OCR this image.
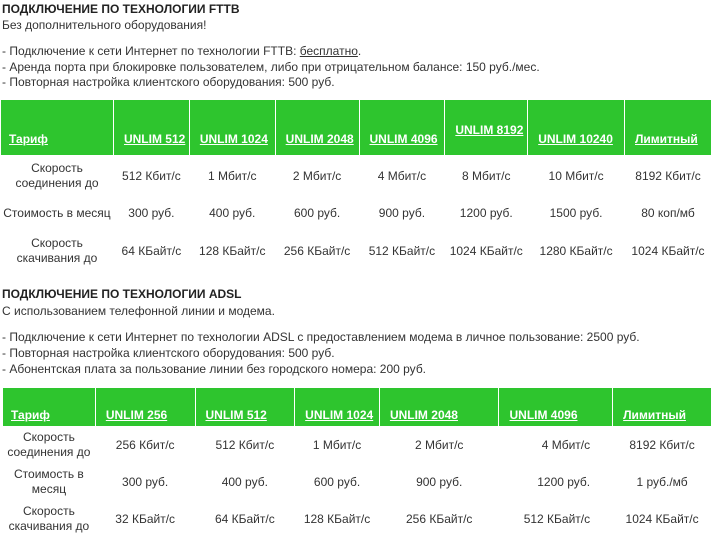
ПОДКЛЮЧЕНИЕ ПО ТЕХНОЛОГИИ FTTB
Без дополнительного оборудования!
- Подключение к сети Интернет по технологии FTTB: бесплатно.
- Аренда порта при блокировке пользователем, либо при отрицательном балансе: 150 руб./мес.
- Повторная настройка клиентского оборудования: 500 руб.
Тариф	UNLIM 512	UNLIM 1024	UNLIM 2048	UNLIM 4096	UNLIM 8192	UNLIM 10240	Лимитный
Скорость соединения до	512 Кбит/с	1 Мбит/с	2 Мбит/с	4 Мбит/с	8 Мбит/с	10 Мбит/с	8192 Кбит/с
Стоимость в месяц	300 руб.	400 руб.	600 руб.	900 руб.	1200 руб.	1500 руб.	80 коп/мб
Скорость скачивания до	64 КБайт/с	128 КБайт/с	256 КБайт/с	512 КБайт/с	1024 КБайт/с	1280 КБайт/с	1024 КБайт/с
ПОДКЛЮЧЕНИЕ ПО ТЕХНОЛОГИИ ADSL
С использованием телефонной линии и модема.
- Подключение к сети Интернет по технологии ADSL с предоставлением модема в личное пользование: 2500 руб.
- Повторная настройка клиентского оборудования: 500 руб.
- Абонентская плата за пользование линии без городского номера: 200 руб.
Тариф	UNLIM 256	UNLIM 512	UNLIM 1024	UNLIM 2048	UNLIM 4096	Лимитный
Скорость соединения до	256 Кбит/с	512 Кбит/с	1 Мбит/с	2 Мбит/с	4 Мбит/с	8192 Кбит/с
Стоимость в месяц	300 руб.	400 руб.	600 руб.	900 руб.	1200 руб.	1 руб./мб
Скорость скачивания до	32 КБайт/с	64 КБайт/с	128 КБайт/с	256 КБайт/с	512 КБайт/с	1024 КБайт/с
